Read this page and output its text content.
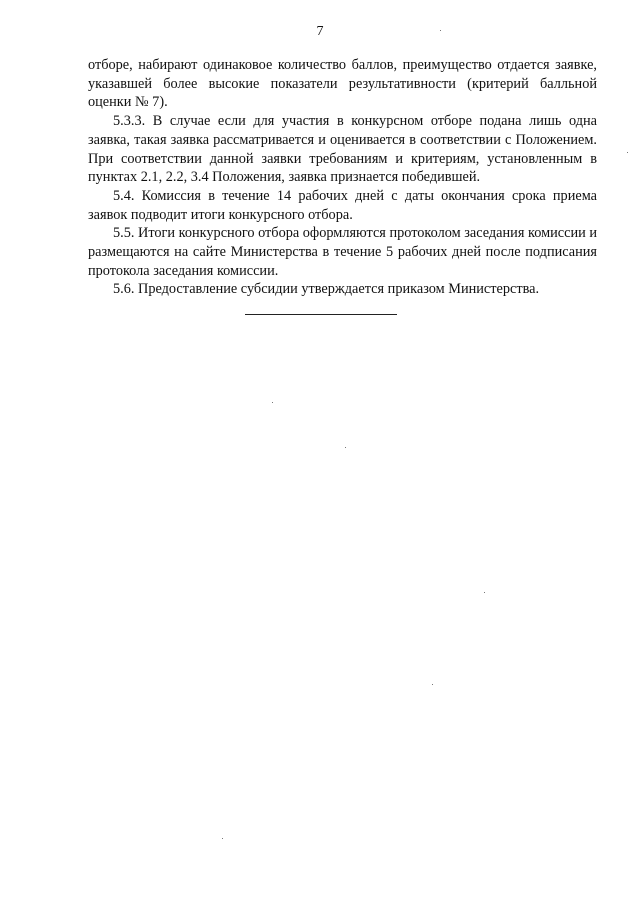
7

отборе, набирают одинаковое количество баллов, преимущество отдается заявке, указавшей более высокие показатели результативности (критерий балльной оценки № 7).

5.3.3. В случае если для участия в конкурсном отборе подана лишь одна заявка, такая заявка рассматривается и оценивается в соответствии с Положением. При соответствии данной заявки требованиям и критериям, установленным в пунктах 2.1, 2.2, 3.4 Положения, заявка признается победившей.

5.4. Комиссия в течение 14 рабочих дней с даты окончания срока приема заявок подводит итоги конкурсного отбора.

5.5. Итоги конкурсного отбора оформляются протоколом заседания комиссии и размещаются на сайте Министерства в течение 5 рабочих дней после подписания протокола заседания комиссии.

5.6. Предоставление субсидии утверждается приказом Министерства.
